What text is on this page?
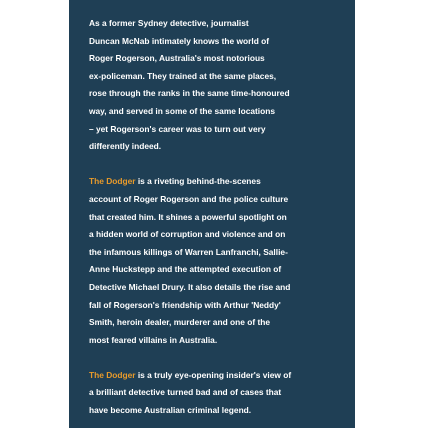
As a former Sydney detective, journalist
Duncan McNab intimately knows the world of
Roger Rogerson, Australia's most notorious
ex-policeman. They trained at the same places,
rose through the ranks in the same time-honoured
way, and served in some of the same locations
– yet Rogerson's career was to turn out very
differently indeed.
The Dodger is a riveting behind-the-scenes
account of Roger Rogerson and the police culture
that created him. It shines a powerful spotlight on
a hidden world of corruption and violence and on
the infamous killings of Warren Lanfranchi, Sallie-
Anne Huckstepp and the attempted execution of
Detective Michael Drury. It also details the rise and
fall of Rogerson's friendship with Arthur 'Neddy'
Smith, heroin dealer, murderer and one of the
most feared villains in Australia.
The Dodger is a truly eye-opening insider's view of
a brilliant detective turned bad and of cases that
have become Australian criminal legend.
